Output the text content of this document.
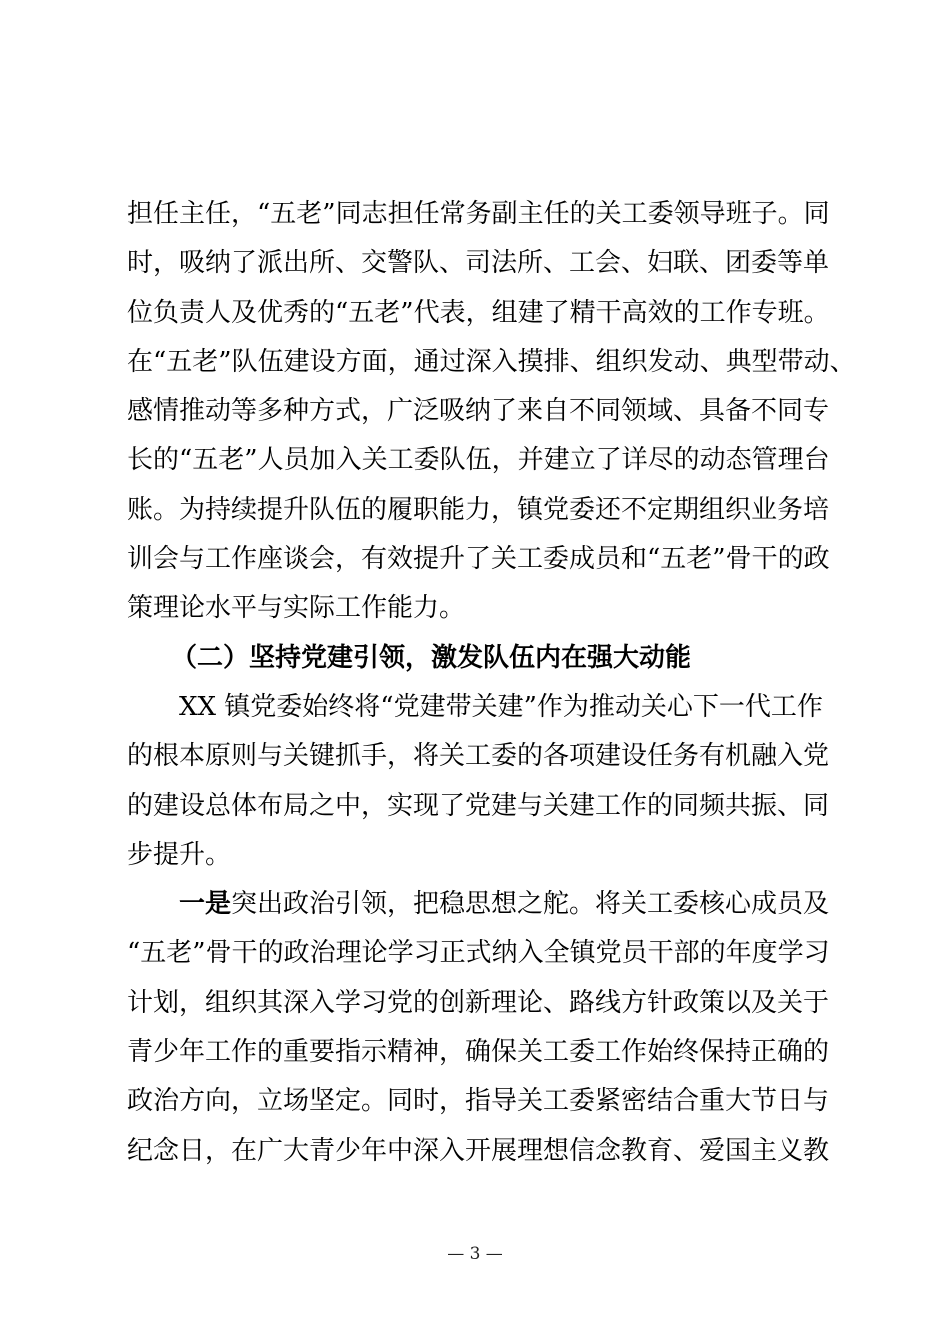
担任主任，“五老”同志担任常务副主任的关工委领导班子。同
时，吸纳了派出所、交警队、司法所、工会、妇联、团委等单
位负责人及优秀的“五老”代表，组建了精干高效的工作专班。
在“五老”队伍建设方面，通过深入摸排、组织发动、典型带动、
感情推动等多种方式，广泛吸纳了来自不同领域、具备不同专
长的“五老”人员加入关工委队伍，并建立了详尽的动态管理台
账。为持续提升队伍的履职能力，镇党委还不定期组织业务培
训会与工作座谈会，有效提升了关工委成员和“五老”骨干的政
策理论水平与实际工作能力。
（二）坚持党建引领，激发队伍内在强大动能
XX 镇党委始终将“党建带关建”作为推动关心下一代工作
的根本原则与关键抓手，将关工委的各项建设任务有机融入党
的建设总体布局之中，实现了党建与关建工作的同频共振、同
步提升。
一是突出政治引领，把稳思想之舵。将关工委核心成员及
“五老”骨干的政治理论学习正式纳入全镇党员干部的年度学习
计划，组织其深入学习党的创新理论、路线方针政策以及关于
青少年工作的重要指示精神，确保关工委工作始终保持正确的
政治方向，立场坚定。同时，指导关工委紧密结合重大节日与
纪念日，在广大青少年中深入开展理想信念教育、爱国主义教
— 3 —
